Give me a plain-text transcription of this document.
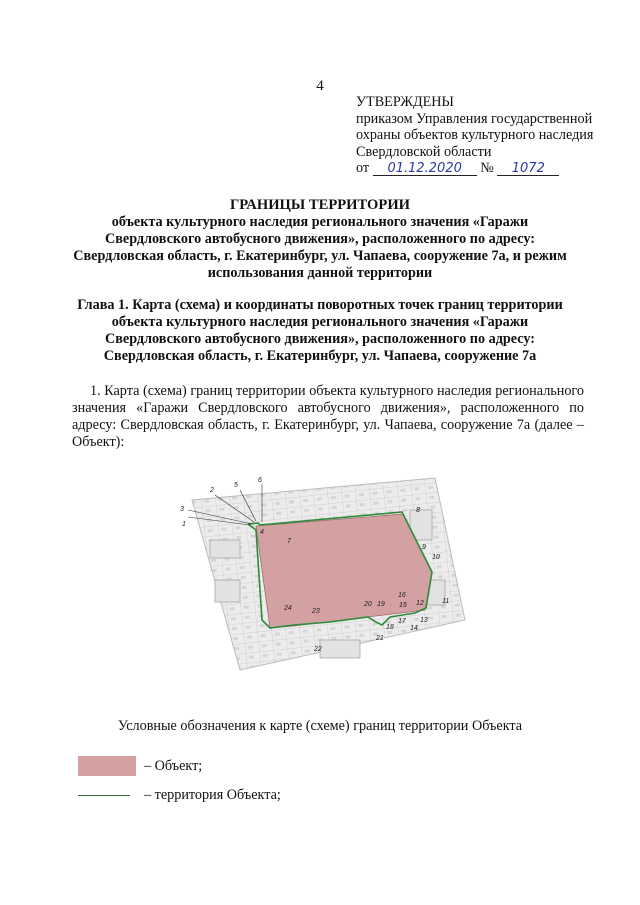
4
УТВЕРЖДЕНЫ
приказом Управления государственной
охраны объектов культурного наследия
Свердловской области
от 01.12.2020 № 1072
ГРАНИЦЫ ТЕРРИТОРИИ
объекта культурного наследия регионального значения «Гаражи
Свердловского автобусного движения», расположенного по адресу:
Свердловская область, г. Екатеринбург, ул. Чапаева, сооружение 7а, и режим
использования данной территории
Глава 1. Карта (схема) и координаты поворотных точек границ территории
объекта культурного наследия регионального значения «Гаражи
Свердловского автобусного движения», расположенного по адресу:
Свердловская область, г. Екатеринбург, ул. Чапаева, сооружение 7а
1. Карта (схема) границ территории объекта культурного наследия регионального значения «Гаражи Свердловского автобусного движения», расположенного по адресу: Свердловская область, г. Екатеринбург, ул. Чапаева, сооружение 7а (далее – Объект):
1
2
3
4
5
6
7
8
9
10
11
12
13
14
15
16
17
18
19
20
21
22
23
24
Условные обозначения к карте (схеме) границ территории Объекта
– Объект;
– территория Объекта;
